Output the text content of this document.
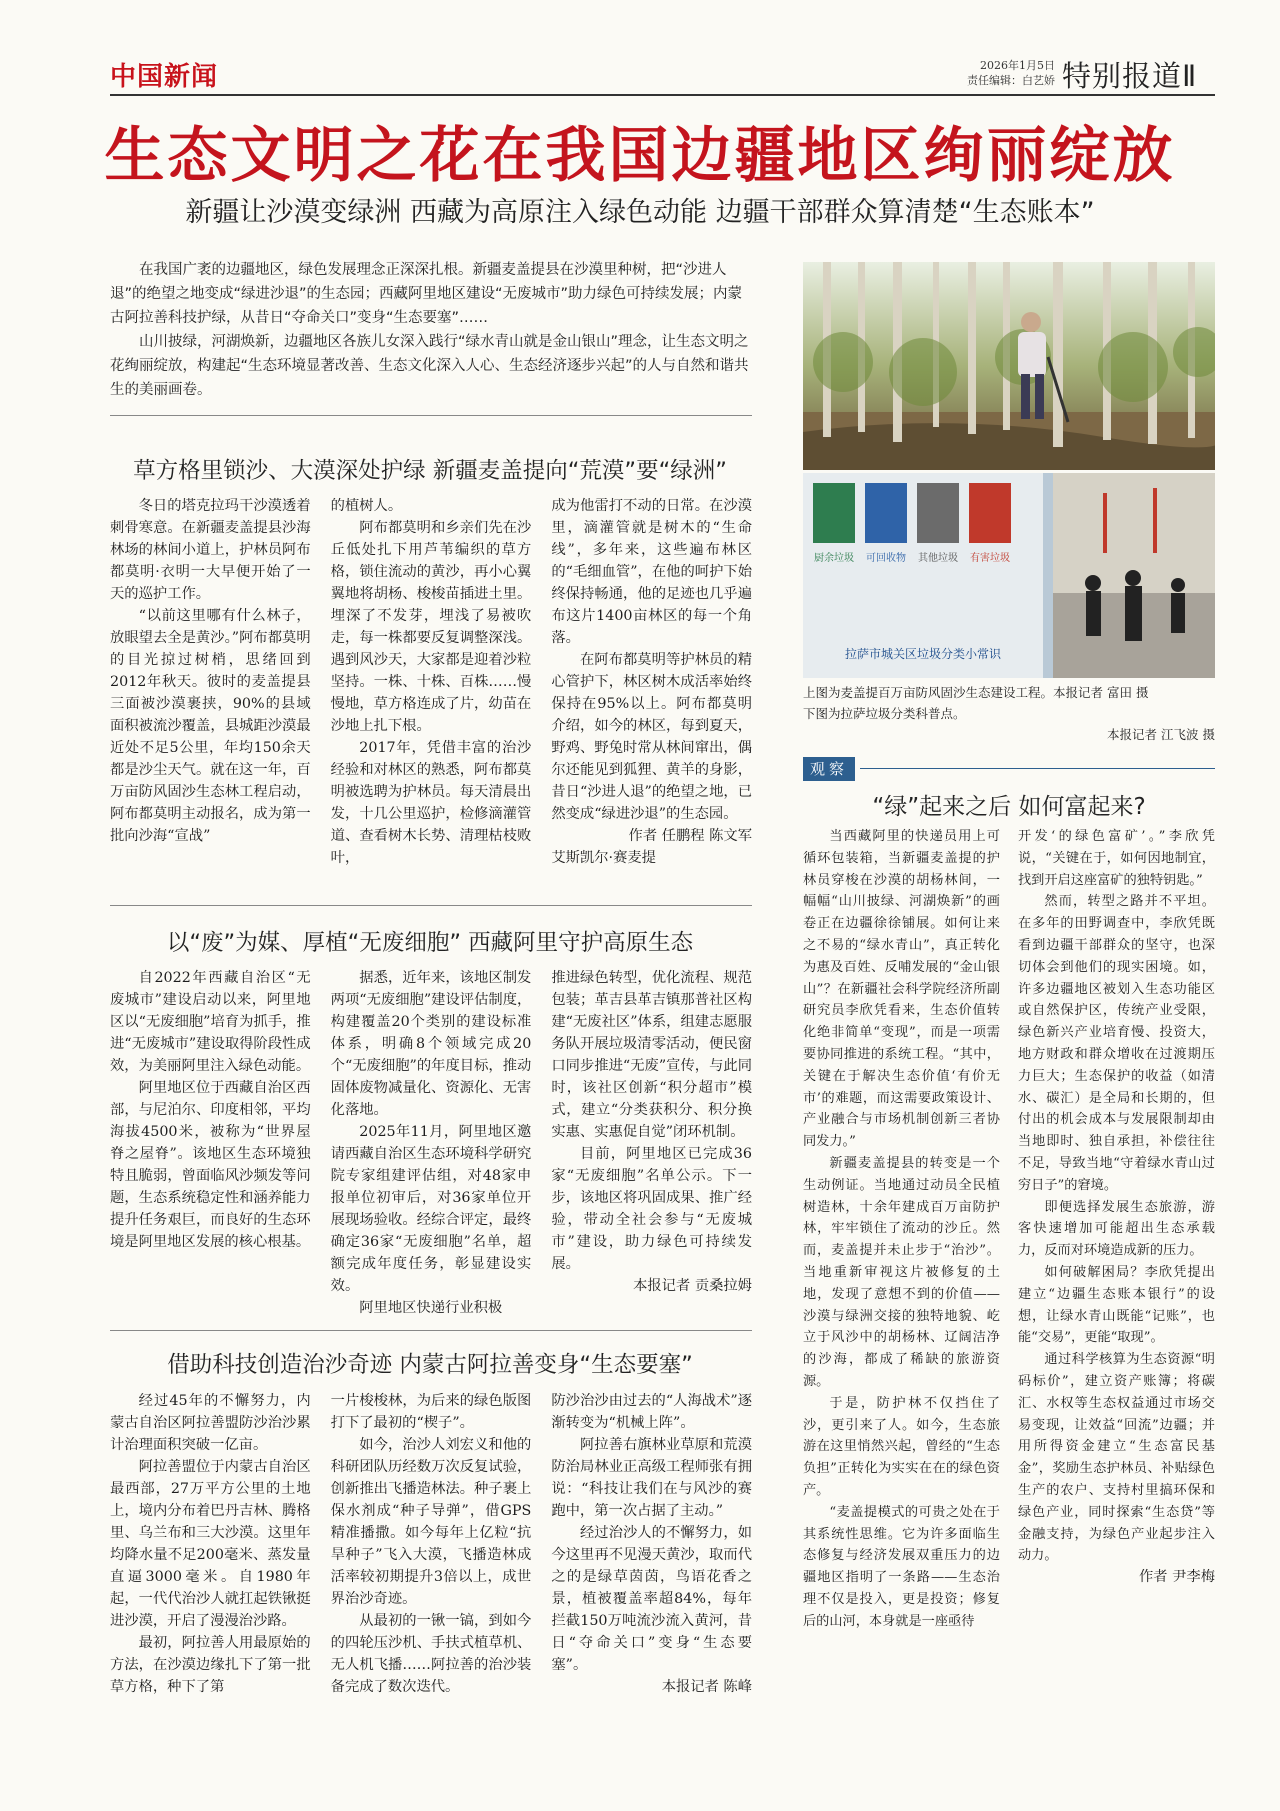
中国新闻	2026年1月5日
责任编辑：白艺娇 特别报道Ⅱ
生态文明之花在我国边疆地区绚丽绽放
新疆让沙漠变绿洲 西藏为高原注入绿色动能 边疆干部群众算清楚“生态账本”

在我国广袤的边疆地区，绿色发展理念正深深扎根。新疆麦盖提县在沙漠里种树，把“沙进人退”的绝望之地变成“绿进沙退”的生态园；西藏阿里地区建设“无废城市”助力绿色可持续发展；内蒙古阿拉善科技护绿，从昔日“夺命关口”变身“生态要塞”……

山川披绿，河湖焕新，边疆地区各族儿女深入践行“绿水青山就是金山银山”理念，让生态文明之花绚丽绽放，构建起“生态环境显著改善、生态文化深入人心、生态经济逐步兴起”的人与自然和谐共生的美丽画卷。

草方格里锁沙、大漠深处护绿 新疆麦盖提向“荒漠”要“绿洲”

冬日的塔克拉玛干沙漠透着刺骨寒意。在新疆麦盖提县沙海林场的林间小道上，护林员阿布都莫明·衣明一大早便开始了一天的巡护工作。

“以前这里哪有什么林子，放眼望去全是黄沙。”阿布都莫明的目光掠过树梢，思绪回到2012年秋天。彼时的麦盖提县三面被沙漠裹挟，90%的县域面积被流沙覆盖，县城距沙漠最近处不足5公里，年均150余天都是沙尘天气。就在这一年，百万亩防风固沙生态林工程启动，阿布都莫明主动报名，成为第一批向沙海“宣战”

的植树人。

阿布都莫明和乡亲们先在沙丘低处扎下用芦苇编织的草方格，锁住流动的黄沙，再小心翼翼地将胡杨、梭梭苗插进土里。埋深了不发芽，埋浅了易被吹走，每一株都要反复调整深浅。遇到风沙天，大家都是迎着沙粒坚持。一株、十株、百株……慢慢地，草方格连成了片，幼苗在沙地上扎下根。

2017年，凭借丰富的治沙经验和对林区的熟悉，阿布都莫明被选聘为护林员。每天清晨出发，十几公里巡护，检修滴灌管道、查看树木长势、清理枯枝败叶，

成为他雷打不动的日常。在沙漠里，滴灌管就是树木的“生命线”，多年来，这些遍布林区的“毛细血管”，在他的呵护下始终保持畅通，他的足迹也几乎遍布这片1400亩林区的每一个角落。

在阿布都莫明等护林员的精心管护下，林区树木成活率始终保持在95%以上。阿布都莫明介绍，如今的林区，每到夏天，野鸡、野兔时常从林间窜出，偶尔还能见到狐狸、黄羊的身影，昔日“沙进人退”的绝望之地，已然变成“绿进沙退”的生态园。

作者 任鹏程 陈文军
艾斯凯尔·赛麦提
以“废”为媒、厚植“无废细胞” 西藏阿里守护高原生态

自2022年西藏自治区“无废城市”建设启动以来，阿里地区以“无废细胞”培育为抓手，推进“无废城市”建设取得阶段性成效，为美丽阿里注入绿色动能。

阿里地区位于西藏自治区西部，与尼泊尔、印度相邻，平均海拔4500米，被称为“世界屋脊之屋脊”。该地区生态环境独特且脆弱，曾面临风沙频发等问题，生态系统稳定性和涵养能力提升任务艰巨，而良好的生态环境是阿里地区发展的核心根基。

据悉，近年来，该地区制发两项“无废细胞”建设评估制度，构建覆盖20个类别的建设标准体系，明确8个领域完成20个“无废细胞”的年度目标，推动固体废物减量化、资源化、无害化落地。

2025年11月，阿里地区邀请西藏自治区生态环境科学研究院专家组建评估组，对48家申报单位初审后，对36家单位开展现场验收。经综合评定，最终确定36家“无废细胞”名单，超额完成年度任务，彰显建设实效。

阿里地区快递行业积极

推进绿色转型，优化流程、规范包装；革吉县革吉镇那普社区构建“无废社区”体系，组建志愿服务队开展垃圾清零活动，便民窗口同步推进“无废”宣传，与此同时，该社区创新“积分超市”模式，建立“分类获积分、积分换实惠、实惠促自觉”闭环机制。

目前，阿里地区已完成36家“无废细胞”名单公示。下一步，该地区将巩固成果、推广经验，带动全社会参与“无废城市”建设，助力绿色可持续发展。

本报记者 贡桑拉姆
借助科技创造治沙奇迹 内蒙古阿拉善变身“生态要塞”

经过45年的不懈努力，内蒙古自治区阿拉善盟防沙治沙累计治理面积突破一亿亩。

阿拉善盟位于内蒙古自治区最西部，27万平方公里的土地上，境内分布着巴丹吉林、腾格里、乌兰布和三大沙漠。这里年均降水量不足200毫米、蒸发量直逼3000毫米。自1980年起，一代代治沙人就扛起铁锹挺进沙漠，开启了漫漫治沙路。

最初，阿拉善人用最原始的方法，在沙漠边缘扎下了第一批草方格，种下了第

一片梭梭林，为后来的绿色版图打下了最初的“楔子”。

如今，治沙人刘宏义和他的科研团队历经数万次反复试验，创新推出飞播造林法。种子裹上保水剂成“种子导弹”，借GPS精准播撒。如今每年上亿粒“抗旱种子”飞入大漠，飞播造林成活率较初期提升3倍以上，成世界治沙奇迹。

从最初的一锹一镐，到如今的四轮压沙机、手扶式植草机、无人机飞播……阿拉善的治沙装备完成了数次迭代。

防沙治沙由过去的“人海战术”逐渐转变为“机械上阵”。

阿拉善右旗林业草原和荒漠防治局林业正高级工程师张有拥说：“科技让我们在与风沙的赛跑中，第一次占据了主动。”

经过治沙人的不懈努力，如今这里再不见漫天黄沙，取而代之的是绿草茵茵，鸟语花香之景，植被覆盖率超84%，每年拦截150万吨流沙流入黄河，昔日“夺命关口”变身“生态要塞”。

本报记者 陈峰
厨余垃圾 可回收物 其他垃圾 有害垃圾
拉萨市城关区垃圾分类小常识
上图为麦盖提百万亩防风固沙生态建设工程。本报记者 富田 摄
下图为拉萨垃圾分类科普点。
本报记者 江飞波 摄
观察
“绿”起来之后 如何富起来?

当西藏阿里的快递员用上可循环包装箱，当新疆麦盖提的护林员穿梭在沙漠的胡杨林间，一幅幅“山川披绿、河湖焕新”的画卷正在边疆徐徐铺展。如何让来之不易的“绿水青山”，真正转化为惠及百姓、反哺发展的“金山银山”？在新疆社会科学院经济所副研究员李欣凭看来，生态价值转化绝非简单“变现”，而是一项需要协同推进的系统工程。“其中，关键在于解决生态价值‘有价无市’的难题，而这需要政策设计、产业融合与市场机制创新三者协同发力。”

新疆麦盖提县的转变是一个生动例证。当地通过动员全民植树造林，十余年建成百万亩防护林，牢牢锁住了流动的沙丘。然而，麦盖提并未止步于“治沙”。当地重新审视这片被修复的土地，发现了意想不到的价值——沙漠与绿洲交接的独特地貌、屹立于风沙中的胡杨林、辽阔洁净的沙海，都成了稀缺的旅游资源。

于是，防护林不仅挡住了沙，更引来了人。如今，生态旅游在这里悄然兴起，曾经的“生态负担”正转化为实实在在的绿色资产。

“麦盖提模式的可贵之处在于其系统性思维。它为许多面临生态修复与经济发展双重压力的边疆地区指明了一条路——生态治理不仅是投入，更是投资；修复后的山河，本身就是一座亟待

开发‘的绿色富矿’。”李欣凭说，“关键在于，如何因地制宜，找到开启这座富矿的独特钥匙。”

然而，转型之路并不平坦。在多年的田野调查中，李欣凭既看到边疆干部群众的坚守，也深切体会到他们的现实困境。如，许多边疆地区被划入生态功能区或自然保护区，传统产业受限，绿色新兴产业培育慢、投资大，地方财政和群众增收在过渡期压力巨大；生态保护的收益（如清水、碳汇）是全局和长期的，但付出的机会成本与发展限制却由当地即时、独自承担，补偿往往不足，导致当地“守着绿水青山过穷日子”的窘境。

即便选择发展生态旅游，游客快速增加可能超出生态承载力，反而对环境造成新的压力。

如何破解困局？李欣凭提出建立“边疆生态账本银行”的设想，让绿水青山既能“记账”，也能“交易”，更能“取现”。

通过科学核算为生态资源“明码标价”，建立资产账簿；将碳汇、水权等生态权益通过市场交易变现，让效益“回流”边疆；并用所得资金建立“生态富民基金”，奖励生态护林员、补贴绿色生产的农户、支持村里搞环保和绿色产业，同时探索“生态贷”等金融支持，为绿色产业起步注入动力。

作者 尹李梅
